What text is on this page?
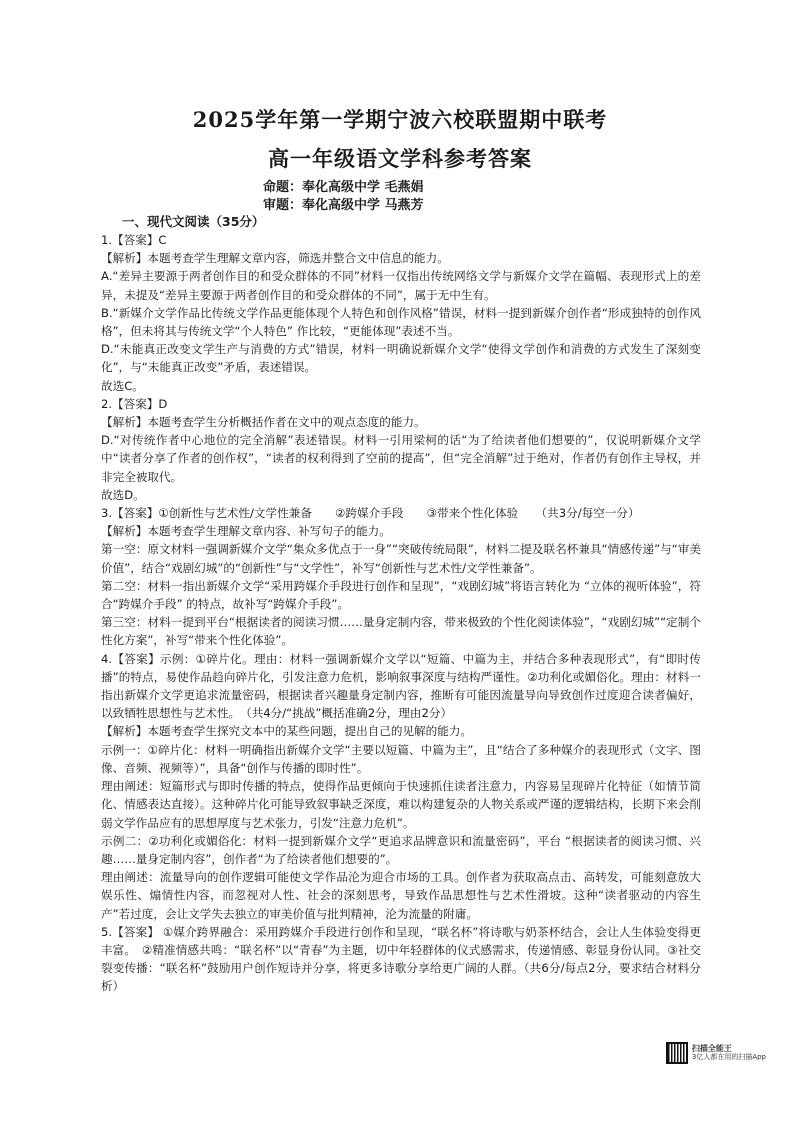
2025学年第一学期宁波六校联盟期中联考
高一年级语文学科参考答案
命题：奉化高级中学 毛燕娟
审题：奉化高级中学 马燕芳
一、现代文阅读（35分）

1.【答案】C

【解析】本题考查学生理解文章内容，筛选并整合文中信息的能力。

A.“差异主要源于两者创作目的和受众群体的不同”材料一仅指出传统网络文学与新媒介文学在篇幅、表现形式上的差异，未提及“差异主要源于两者创作目的和受众群体的不同”，属于无中生有。

B.“新媒介文学作品比传统文学作品更能体现个人特色和创作风格”错误，材料一提到新媒介创作者“形成独特的创作风格”，但未将其与传统文学“个人特色” 作比较，“更能体现”表述不当。

D.“未能真正改变文学生产与消费的方式”错误，材料一明确说新媒介文学“使得文学创作和消费的方式发生了深刻变化”，与“未能真正改变”矛盾，表述错误。

故选C。

2.【答案】D

【解析】本题考查学生分析概括作者在文中的观点态度的能力。

D.“对传统作者中心地位的完全消解”表述错误。材料一引用梁柯的话“为了给读者他们想要的”，仅说明新媒介文学中“读者分享了作者的创作权”，“读者的权利得到了空前的提高”，但“完全消解”过于绝对，作者仍有创作主导权，并非完全被取代。

故选D。

3.【答案】①创新性与艺术性/文学性兼备　　②跨媒介手段　　③带来个性化体验　　（共3分/每空一分）

【解析】本题考查学生理解文章内容、补写句子的能力。

第一空：原文材料一强调新媒介文学“集众多优点于一身”“突破传统局限”，材料二提及联名杯兼具“情感传递”与“审美价值”，结合“戏剧幻城”的“创新性”与“文学性”，补写“创新性与艺术性/文学性兼备”。

第二空：材料一指出新媒介文学“采用跨媒介手段进行创作和呈现”，“戏剧幻城”将语言转化为 “立体的视听体验”，符合“跨媒介手段” 的特点，故补写“跨媒介手段”。

第三空：材料一提到平台“根据读者的阅读习惯……量身定制内容，带来极致的个性化阅读体验”，“戏剧幻城”“定制个性化方案”，补写“带来个性化体验”。

4.【答案】示例：①碎片化。理由：材料一强调新媒介文学以“短篇、中篇为主，并结合多种表现形式”，有“即时传播”的特点，易使作品趋向碎片化，引发注意力危机，影响叙事深度与结构严谨性。②功利化或媚俗化。理由：材料一指出新媒介文学更追求流量密码，根据读者兴趣量身定制内容，推断有可能因流量导向导致创作过度迎合读者偏好，以致牺牲思想性与艺术性。　（共4分/“挑战”概括准确2分，理由2分）

【解析】本题考查学生探究文本中的某些问题，提出自己的见解的能力。

示例一：①碎片化：材料一明确指出新媒介文学“主要以短篇、中篇为主”，且“结合了多种媒介的表现形式（文字、图像、音频、视频等）”，具备“创作与传播的即时性”。

理由阐述：短篇形式与即时传播的特点，使得作品更倾向于快速抓住读者注意力，内容易呈现碎片化特征（如情节简化、情感表达直接）。这种碎片化可能导致叙事缺乏深度，难以构建复杂的人物关系或严谨的逻辑结构，长期下来会削弱文学作品应有的思想厚度与艺术张力，引发“注意力危机”。

示例二：②功利化或媚俗化：材料一提到新媒介文学“更追求品牌意识和流量密码”，平台 “根据读者的阅读习惯、兴趣……量身定制内容”，创作者“为了给读者他们想要的”。

理由阐述：流量导向的创作逻辑可能使文学作品沦为迎合市场的工具。创作者为获取高点击、高转发，可能刻意放大娱乐性、煽情性内容，而忽视对人性、社会的深刻思考，导致作品思想性与艺术性滑坡。这种“读者驱动的内容生产”若过度，会让文学失去独立的审美价值与批判精神，沦为流量的附庸。

5.【答案】 ①媒介跨界融合：采用跨媒介手段进行创作和呈现，“联名杯”将诗歌与奶茶杯结合，会让人生体验变得更丰富。　②精准情感共鸣：“联名杯”以“青春”为主题，切中年轻群体的仪式感需求，传递情感、彰显身份认同。③社交裂变传播：“联名杯”鼓励用户创作短诗并分享，将更多诗歌分享给更广阔的人群。（共6分/每点2分，要求结合材料分析）

扫描全能王
3亿人都在用的扫描App
